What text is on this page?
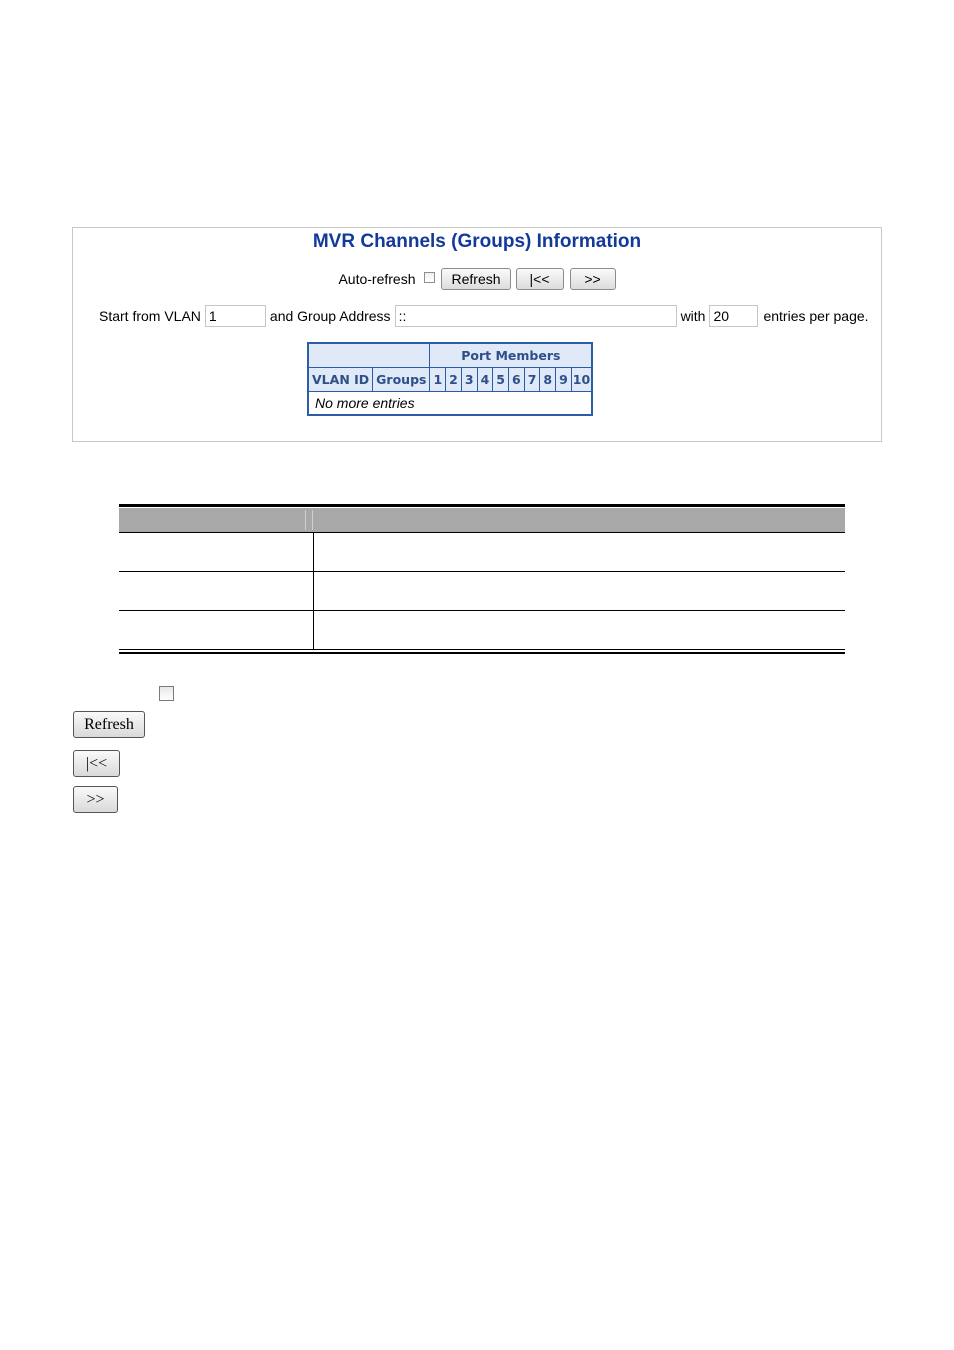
MVR Channels (Groups) Information
Auto-refresh	Refresh	|<<	>>
Start from VLAN
1	and Group Address
::	with
20	entries per page.
		Port Members									
VLAN ID	Groups	1	2	3	4	5	6	7	8	9	10
No more entries											
Refresh
|<<
>>
